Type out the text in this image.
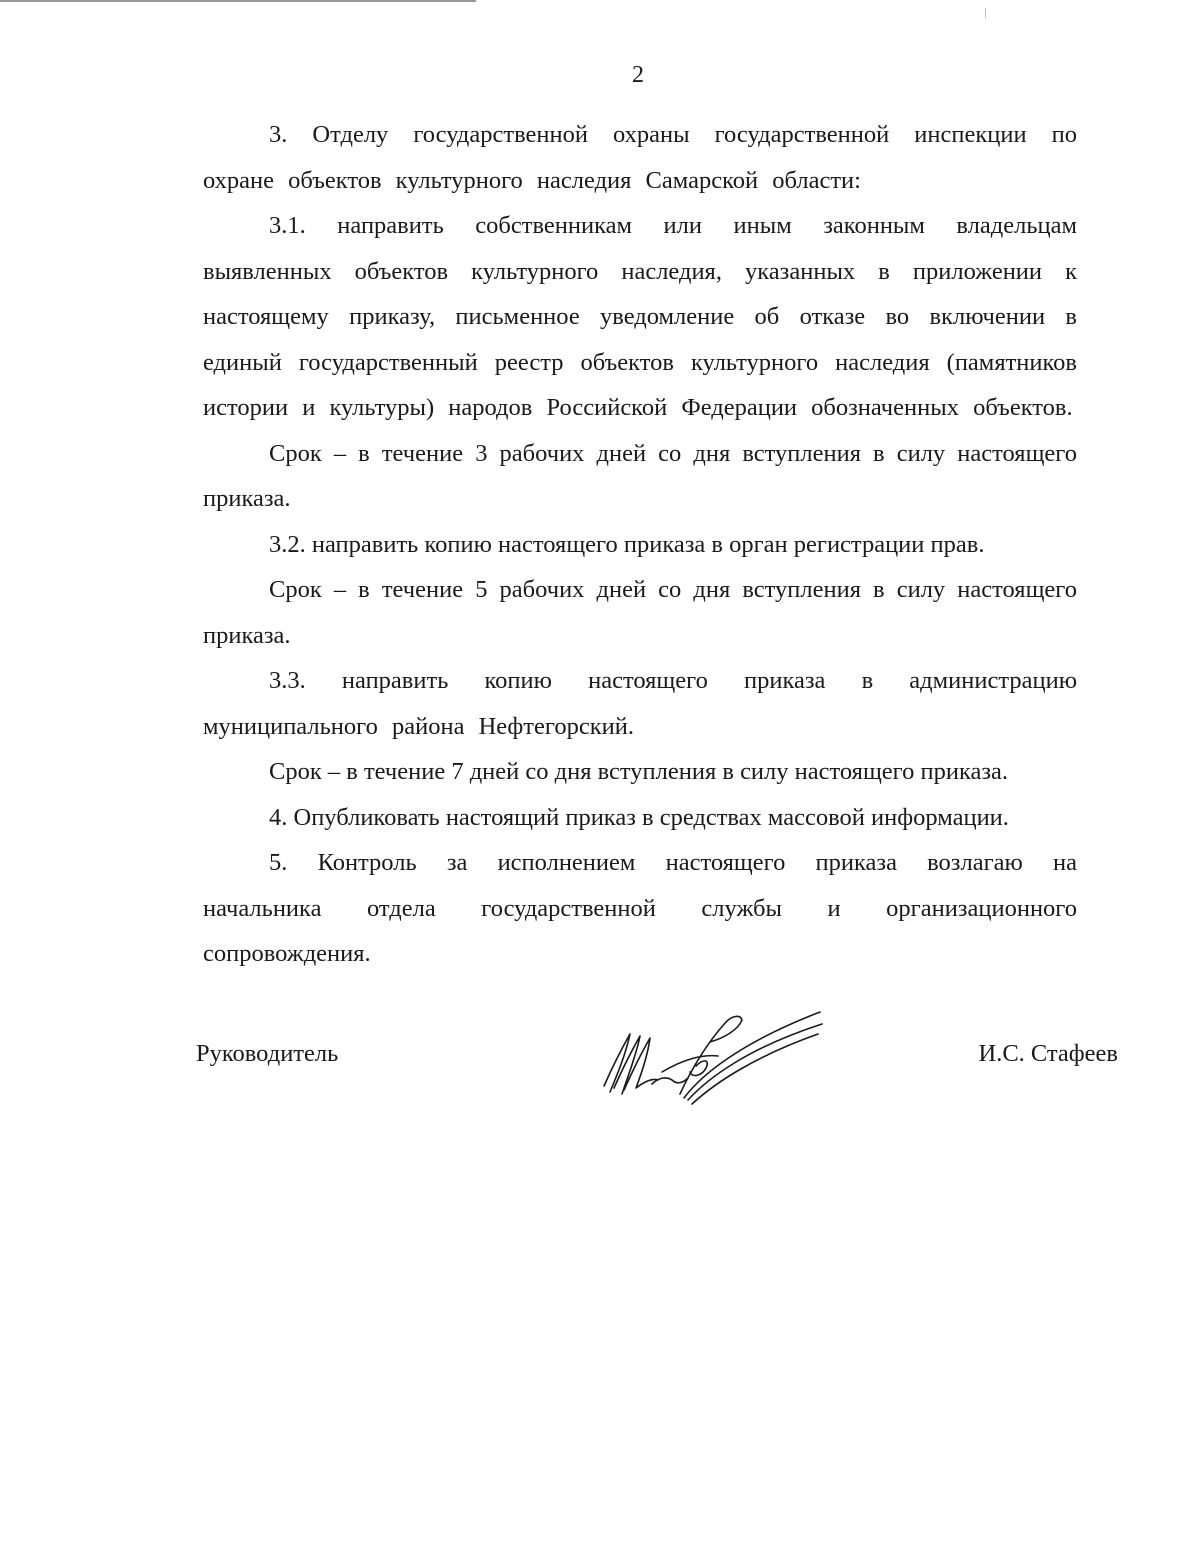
2

3. Отделу государственной охраны государственной инспекции по охране объектов культурного наследия Самарской области:

3.1. направить собственникам или иным законным владельцам выявленных объектов культурного наследия, указанных в приложении к настоящему приказу, письменное уведомление об отказе во включении в единый государственный реестр объектов культурного наследия (памятников истории и культуры) народов Российской Федерации обозначенных объектов.

Срок – в течение 3 рабочих дней со дня вступления в силу настоящего приказа.

3.2. направить копию настоящего приказа в орган регистрации прав.

Срок – в течение 5 рабочих дней со дня вступления в силу настоящего приказа.

3.3. направить копию настоящего приказа в администрацию муниципального района Нефтегорский.

Срок – в течение 7 дней со дня вступления в силу настоящего приказа.

4. Опубликовать настоящий приказ в средствах массовой информации.

5. Контроль за исполнением настоящего приказа возлагаю на начальника отдела государственной службы и организационного сопровождения.

Руководитель	И.С. Стафеев
